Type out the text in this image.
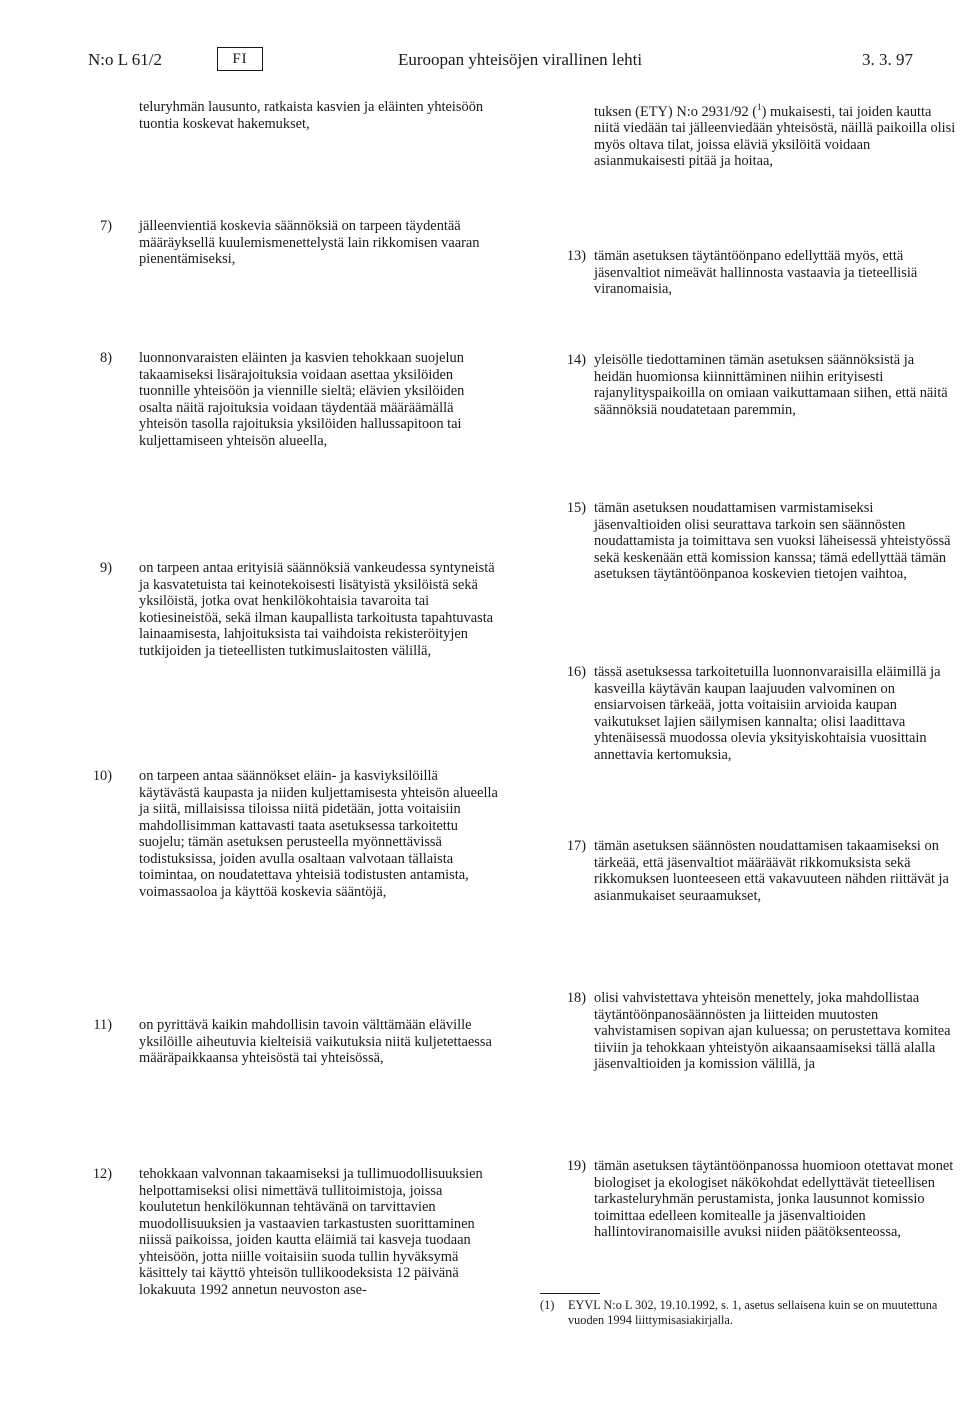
N:o L 61/2	FI	Euroopan yhteisöjen virallinen lehti	3. 3. 97
teluryhmän lausunto, ratkaista kasvien ja eläinten yhteisöön tuontia koskevat hakemukset,
7) jälleenvientiä koskevia säännöksiä on tarpeen täydentää määräyksellä kuulemismenettelystä lain rikkomisen vaaran pienentämiseksi,
8) luonnonvaraisten eläinten ja kasvien tehokkaan suojelun takaamiseksi lisärajoituksia voidaan asettaa yksilöiden tuonnille yhteisöön ja viennille sieltä; elävien yksilöiden osalta näitä rajoituksia voidaan täydentää määräämällä yhteisön tasolla rajoituksia yksilöiden hallussapitoon tai kuljettamiseen yhteisön alueella,
9) on tarpeen antaa erityisiä säännöksiä vankeudessa syntyneistä ja kasvatetuista tai keinotekoisesti lisätyistä yksilöistä sekä yksilöistä, jotka ovat henkilökohtaisia tavaroita tai kotiesineistöä, sekä ilman kaupallista tarkoitusta tapahtuvasta lainaamisesta, lahjoituksista tai vaihdoista rekisteröityjen tutkijoiden ja tieteellisten tutkimuslaitosten välillä,
10) on tarpeen antaa säännökset eläin- ja kasviyksilöillä käytävästä kaupasta ja niiden kuljettamisesta yhteisön alueella ja siitä, millaisissa tiloissa niitä pidetään, jotta voitaisiin mahdollisimman kattavasti taata asetuksessa tarkoitettu suojelu; tämän asetuksen perusteella myönnettävissä todistuksissa, joiden avulla osaltaan valvotaan tällaista toimintaa, on noudatettava yhteisiä todistusten antamista, voimassaoloa ja käyttöä koskevia sääntöjä,
11) on pyrittävä kaikin mahdollisin tavoin välttämään eläville yksilöille aiheutuvia kielteisiä vaikutuksia niitä kuljetettaessa määräpaikkaansa yhteisöstä tai yhteisössä,
12) tehokkaan valvonnan takaamiseksi ja tullimuodollisuuksien helpottamiseksi olisi nimettävä tullitoimistoja, joissa koulutetun henkilökunnan tehtävänä on tarvittavien muodollisuuksien ja vastaavien tarkastusten suorittaminen niissä paikoissa, joiden kautta eläimiä tai kasveja tuodaan yhteisöön, jotta niille voitaisiin suoda tullin hyväksymä käsittely tai käyttö yhteisön tullikoodeksista 12 päivänä lokakuuta 1992 annetun neuvoston ase-
tuksen (ETY) N:o 2931/92 ($^1$) mukaisesti, tai joiden kautta niitä viedään tai jälleenviedään yhteisöstä, näillä paikoilla olisi myös oltava tilat, joissa eläviä yksilöitä voidaan asianmukaisesti pitää ja hoitaa,
13) tämän asetuksen täytäntöönpano edellyttää myös, että jäsenvaltiot nimeävät hallinnosta vastaavia ja tieteellisiä viranomaisia,
14) yleisölle tiedottaminen tämän asetuksen säännöksistä ja heidän huomionsa kiinnittäminen niihin erityisesti rajanylityspaikoilla on omiaan vaikuttamaan siihen, että näitä säännöksiä noudatetaan paremmin,
15) tämän asetuksen noudattamisen varmistamiseksi jäsenvaltioiden olisi seurattava tarkoin sen säännösten noudattamista ja toimittava sen vuoksi läheisessä yhteistyössä sekä keskenään että komission kanssa; tämä edellyttää tämän asetuksen täytäntöönpanoa koskevien tietojen vaihtoa,
16) tässä asetuksessa tarkoitetuilla luonnonvaraisilla eläimillä ja kasveilla käytävän kaupan laajuuden valvominen on ensiarvoisen tärkeää, jotta voitaisiin arvioida kaupan vaikutukset lajien säilymisen kannalta; olisi laadittava yhtenäisessä muodossa olevia yksityiskohtaisia vuosittain annettavia kertomuksia,
17) tämän asetuksen säännösten noudattamisen takaamiseksi on tärkeää, että jäsenvaltiot määräävät rikkomuksista sekä rikkomuksen luonteeseen että vakavuuteen nähden riittävät ja asianmukaiset seuraamukset,
18) olisi vahvistettava yhteisön menettely, joka mahdollistaa täytäntöönpanosäännösten ja liitteiden muutosten vahvistamisen sopivan ajan kuluessa; on perustettava komitea tiiviin ja tehokkaan yhteistyön aikaansaamiseksi tällä alalla jäsenvaltioiden ja komission välillä, ja
19) tämän asetuksen täytäntöönpanossa huomioon otettavat monet biologiset ja ekologiset näkökohdat edellyttävät tieteellisen tarkasteluryhmän perustamista, jonka lausunnot komissio toimittaa edelleen komitealle ja jäsenvaltioiden hallintoviranomaisille avuksi niiden päätöksenteossa,
(1) EYVL N:o L 302, 19.10.1992, s. 1, asetus sellaisena kuin se on muutettuna vuoden 1994 liittymisasiakirjalla.
